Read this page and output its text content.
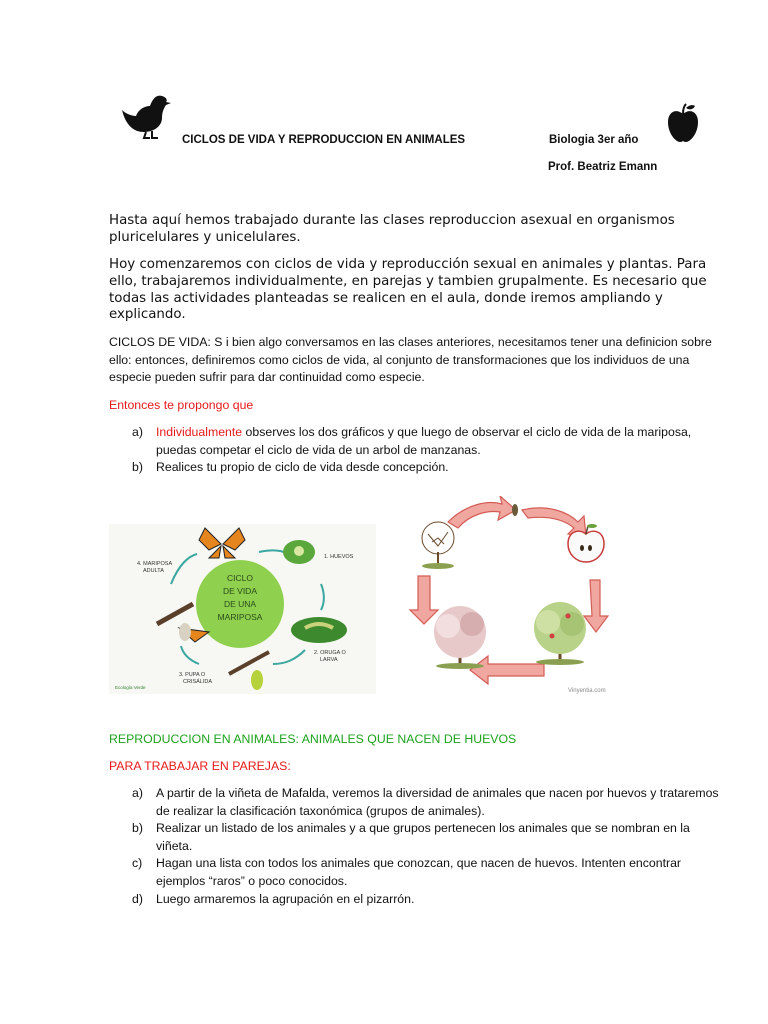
CICLOS DE VIDA Y REPRODUCCION EN ANIMALES	Biologia 3er año
Prof. Beatriz Emann
Hasta aquí hemos trabajado durante las clases reproduccion asexual en organismos pluricelulares y unicelulares.
Hoy comenzaremos con ciclos de vida y reproducción sexual en animales y plantas. Para ello, trabajaremos individualmente, en parejas y tambien grupalmente. Es necesario que todas las actividades planteadas se realicen en el aula, donde iremos ampliando y explicando.
CICLOS DE VIDA: S i bien algo conversamos en las clases anteriores, necesitamos tener una definicion sobre ello: entonces, definiremos como ciclos de vida, al conjunto de transformaciones que los individuos de una especie pueden sufrir para dar continuidad como especie.
Entonces te propongo que
a) Individualmente observes los dos gráficos y que luego de observar el ciclo de vida de la mariposa, puedas competar el ciclo de vida de un arbol de manzanas.
b) Realices tu propio de ciclo de vida desde concepción.
CICLO
DE VIDA
DE UNA
MARIPOSA
1. HUEVOS
2. ORUGA O
LARVA
3. PUPA O
CRISÁLIDA
4. MARIPOSA
ADULTA
Ecología Verde
Vinyentia.com
REPRODUCCION EN ANIMALES: ANIMALES QUE NACEN DE HUEVOS
PARA TRABAJAR EN PAREJAS:
a) A partir de la viñeta de Mafalda, veremos la diversidad de animales que nacen por huevos y trataremos de realizar la clasificación taxonómica (grupos de animales).
b) Realizar un listado de los animales y a que grupos pertenecen los animales que se nombran en la viñeta.
c) Hagan una lista con todos los animales que conozcan, que nacen de huevos. Intenten encontrar ejemplos “raros” o poco conocidos.
d) Luego armaremos la agrupación en el pizarrón.
